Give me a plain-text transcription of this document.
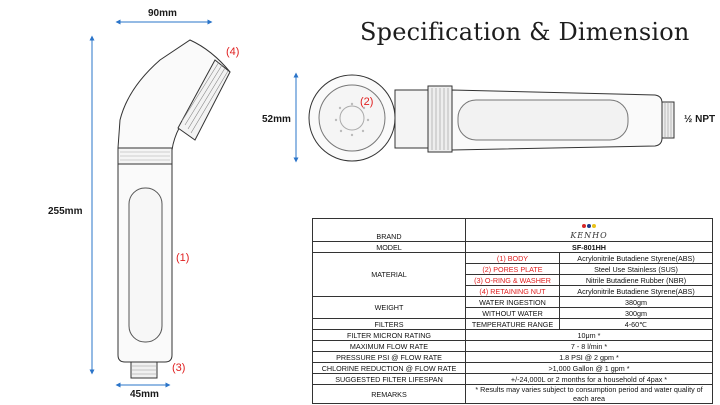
Specification & Dimension
90mm
255mm
45mm
52mm	½ NPT
(4)
(1)
(3)
(2)
BRAND	KENHO	

MODEL	SF-801HH	
MATERIAL	(1) BODY	Acrylonitrile Butadiene Styrene(ABS)
	(2) PORES PLATE	Steel Use Stainless (SUS)
	(3) O-RING & WASHER	Nitrile Butadiene Rubber (NBR)
	(4) RETAINING NUT	Acrylonitrile Butadiene Styrene(ABS)
WEIGHT	WATER INGESTION	380gm
	WITHOUT WATER	300gm
FILTERS	TEMPERATURE RANGE	4-60℃
FILTER MICRON RATING	10μm *	
MAXIMUM FLOW RATE	7 - 8 l/min *	
PRESSURE PSI @ FLOW RATE	1.8 PSI @ 2 gpm *	
CHLORINE REDUCTION @ FLOW RATE	>1,000 Gallon @ 1 gpm *	
SUGGESTED FILTER LIFESPAN	+/-24,000L or 2 months for a household of 4pax *	
REMARKS	* Results may varies subject to consumption period and water quality of each area	
